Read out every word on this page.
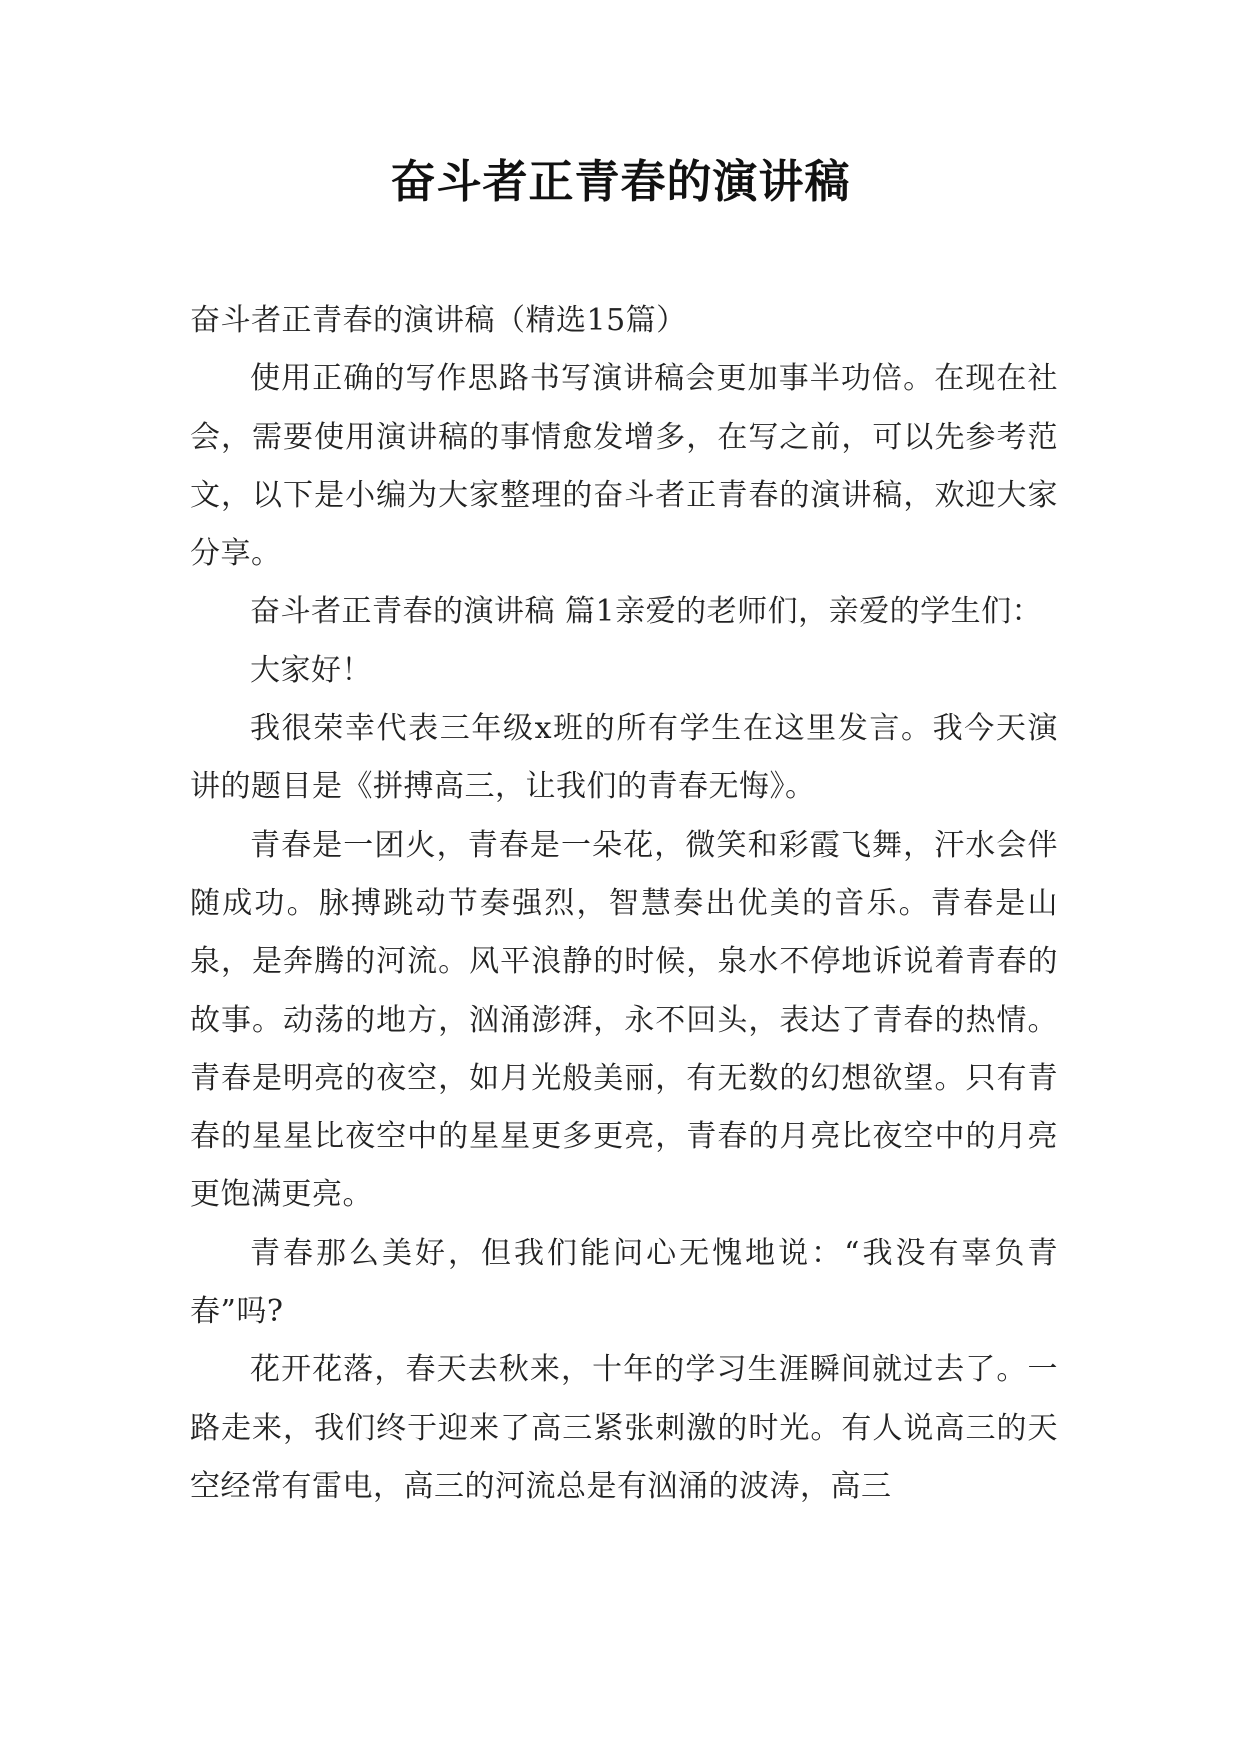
奋斗者正青春的演讲稿

奋斗者正青春的演讲稿（精选15篇）

使用正确的写作思路书写演讲稿会更加事半功倍。在现在社会，需要使用演讲稿的事情愈发增多，在写之前，可以先参考范文，以下是小编为大家整理的奋斗者正青春的演讲稿，欢迎大家分享。

奋斗者正青春的演讲稿 篇1亲爱的老师们，亲爱的学生们：

大家好！

我很荣幸代表三年级x班的所有学生在这里发言。我今天演讲的题目是《拼搏高三，让我们的青春无悔》。

青春是一团火，青春是一朵花，微笑和彩霞飞舞，汗水会伴随成功。脉搏跳动节奏强烈，智慧奏出优美的音乐。青春是山泉，是奔腾的河流。风平浪静的时候，泉水不停地诉说着青春的故事。动荡的地方，汹涌澎湃，永不回头，表达了青春的热情。青春是明亮的夜空，如月光般美丽，有无数的幻想欲望。只有青春的星星比夜空中的星星更多更亮，青春的月亮比夜空中的月亮更饱满更亮。

青春那么美好，但我们能问心无愧地说：“我没有辜负青春”吗?

花开花落，春天去秋来，十年的学习生涯瞬间就过去了。一路走来，我们终于迎来了高三紧张刺激的时光。有人说高三的天空经常有雷电，高三的河流总是有汹涌的波涛，高三
